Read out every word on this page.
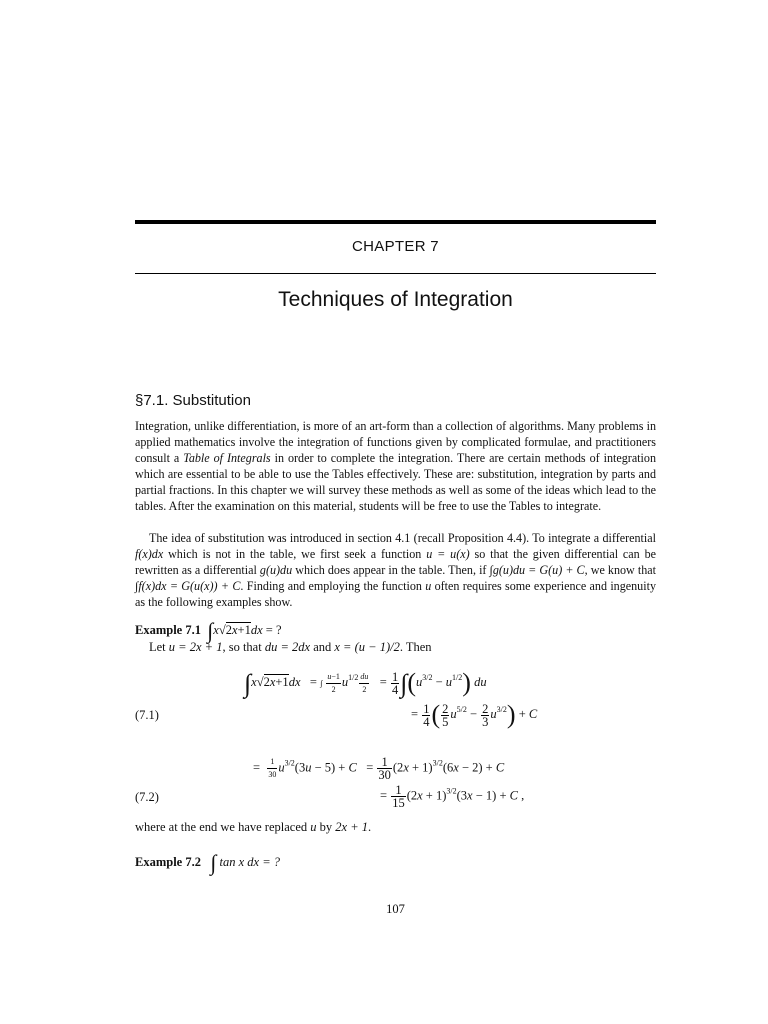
CHAPTER 7
Techniques of Integration
§7.1. Substitution
Integration, unlike differentiation, is more of an art-form than a collection of algorithms. Many problems in applied mathematics involve the integration of functions given by complicated formulae, and practitioners consult a Table of Integrals in order to complete the integration. There are certain methods of integration which are essential to be able to use the Tables effectively. These are: substitution, integration by parts and partial fractions. In this chapter we will survey these methods as well as some of the ideas which lead to the tables. After the examination on this material, students will be free to use the Tables to integrate.
The idea of substitution was introduced in section 4.1 (recall Proposition 4.4). To integrate a differential f(x)dx which is not in the table, we first seek a function u = u(x) so that the given differential can be rewritten as a differential g(u)du which does appear in the table. Then, if ∫g(u)du = G(u) + C, we know that ∫f(x)dx = G(u(x)) + C. Finding and employing the function u often requires some experience and ingenuity as the following examples show.
Example 7.1 ∫x√2x+1dx = ?
Let u = 2x + 1, so that du = 2dx and x = (u − 1)/2. Then
∫x√2x+1dx   = ∫ $\frac{u-1}{2} u^{1/2} \frac{du}{2} = \frac{1}{4} \int(u^{3/2} - u^{1/2})$ du
= $\frac{1}{4}$ ( $\frac{2}{5} u^{5/2} - \frac{2}{3} u^{3/2}) + C$
(7.1)
= $\frac{1}{30} u^{3/2}(3u - 5) + C = \frac{1}{30} (2x + 1)^{3/2}(6x - 2) + C$
= $\frac{1}{15} (2x + 1)^{3/2}(3x - 1) + C$ ,
(7.2)
where at the end we have replaced u by 2x + 1.
Example 7.2 ∫ tan x dx = ?
107
